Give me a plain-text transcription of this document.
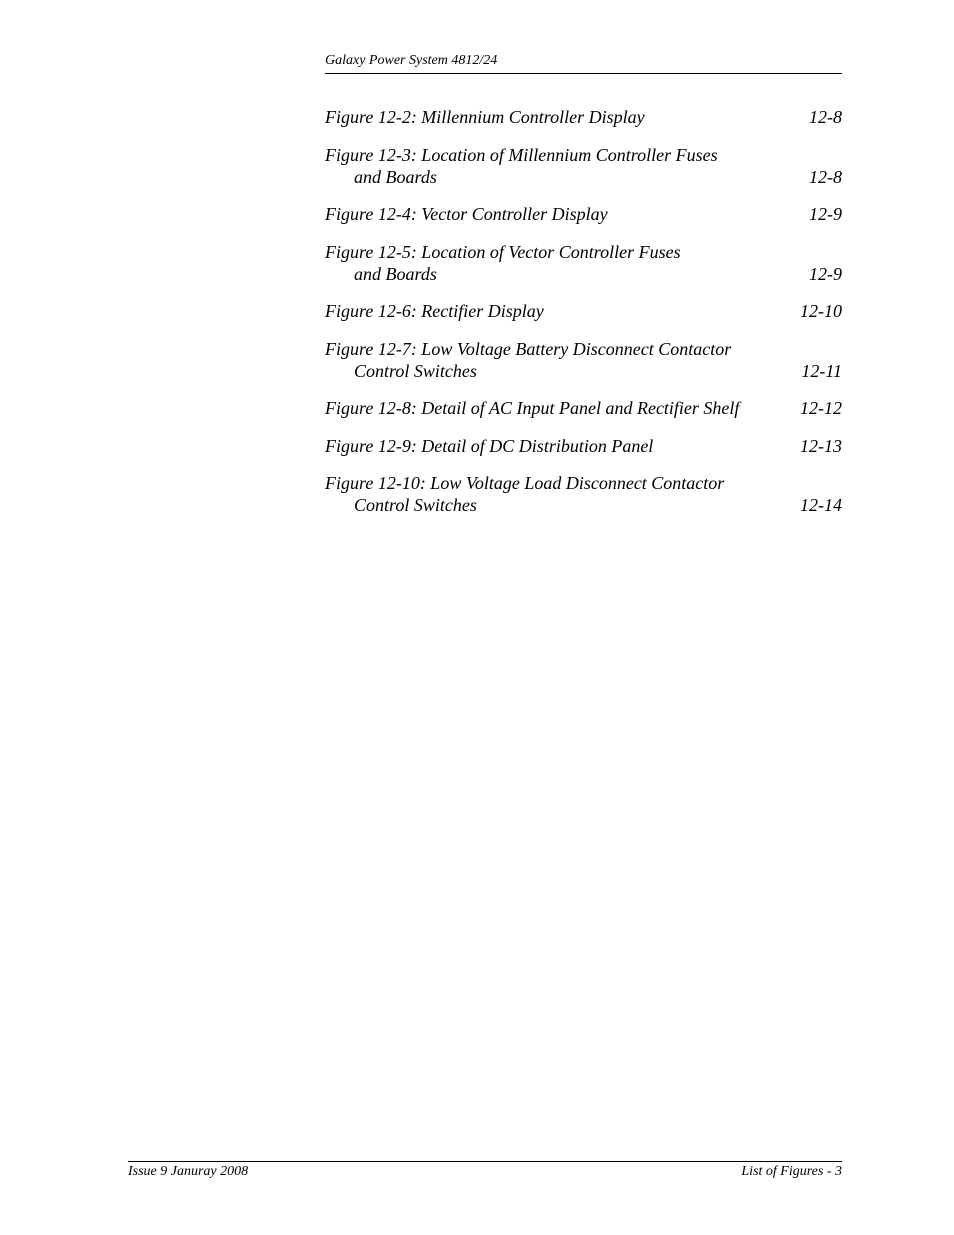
Galaxy Power System 4812/24
Figure 12-2: Millennium Controller Display	12-8
Figure 12-3: Location of Millennium Controller Fuses
and Boards	12-8
Figure 12-4: Vector Controller Display	12-9
Figure 12-5: Location of Vector Controller Fuses
and Boards	12-9
Figure 12-6: Rectifier Display	12-10
Figure 12-7: Low Voltage Battery Disconnect Contactor
Control Switches	12-11
Figure 12-8: Detail of AC Input Panel and Rectifier Shelf	12-12
Figure 12-9: Detail of DC Distribution Panel	12-13
Figure 12-10: Low Voltage Load Disconnect Contactor
Control Switches	12-14
Issue 9 Januray 2008	List of Figures - 3
